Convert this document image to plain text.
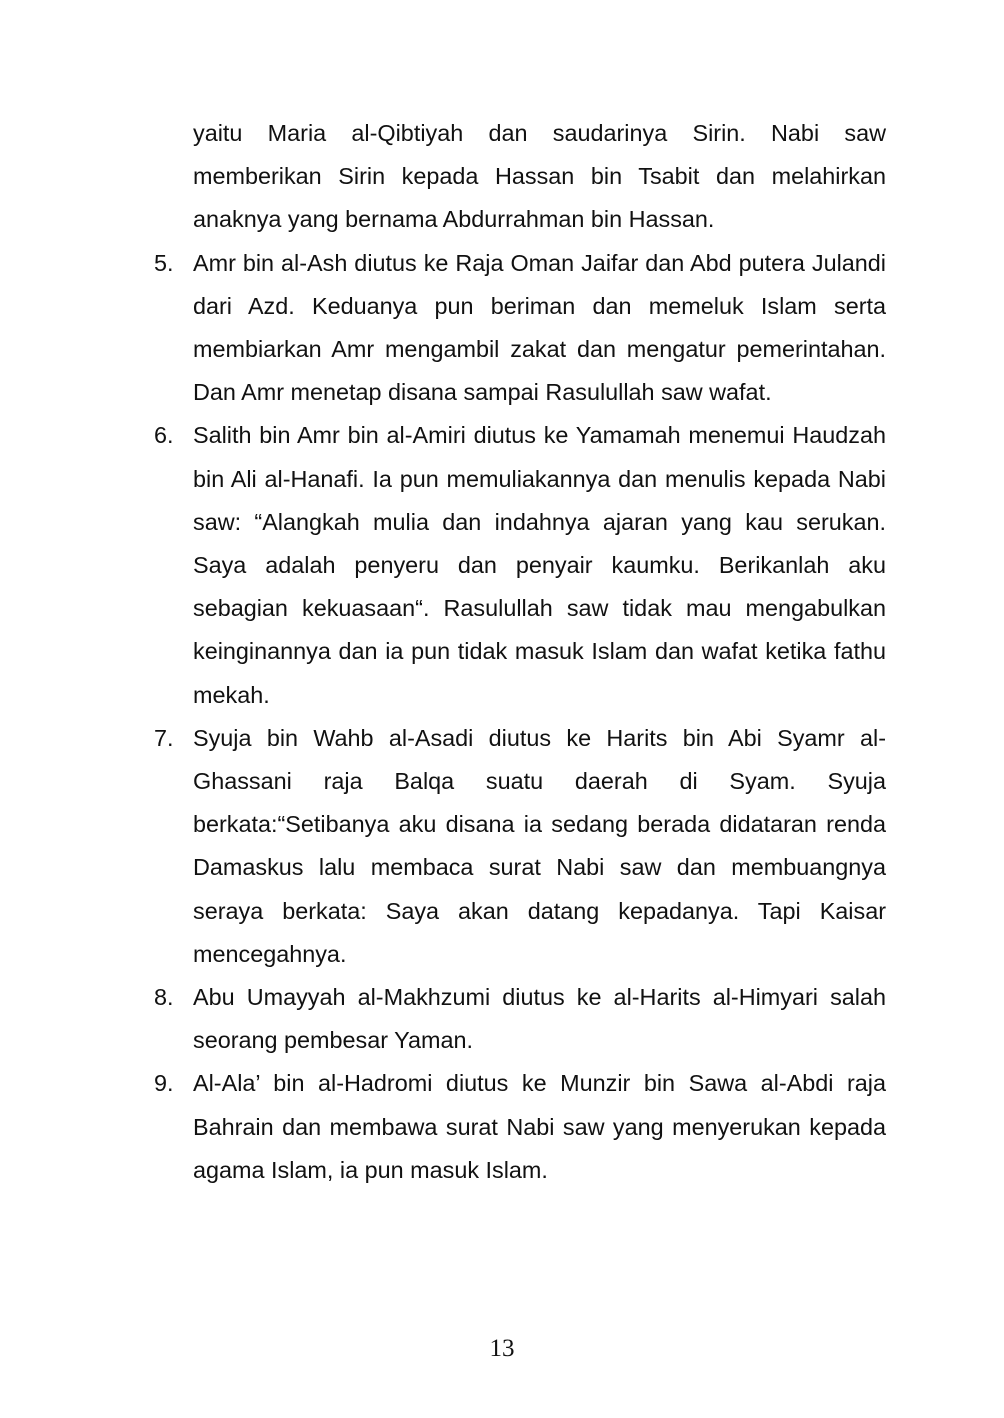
yaitu Maria al-Qibtiyah dan saudarinya Sirin. Nabi saw memberikan Sirin kepada Hassan bin Tsabit dan melahirkan anaknya yang bernama Abdurrahman bin Hassan.

5. Amr bin al-Ash diutus ke Raja Oman Jaifar dan Abd putera Julandi dari Azd. Keduanya pun beriman dan memeluk Islam serta membiarkan Amr mengambil zakat dan mengatur pemerintahan. Dan Amr menetap disana sampai Rasulullah saw wafat.
6. Salith bin Amr bin al-Amiri diutus ke Yamamah menemui Haudzah bin Ali al-Hanafi. Ia pun memuliakannya dan menulis kepada Nabi saw: “Alangkah mulia dan indahnya ajaran yang kau serukan. Saya adalah penyeru dan penyair kaumku. Berikanlah aku sebagian kekuasaan“. Rasulullah saw tidak mau mengabulkan keinginannya dan ia pun tidak masuk Islam dan wafat ketika fathu mekah.
7. Syuja bin Wahb al-Asadi diutus ke Harits bin Abi Syamr al-Ghassani raja Balqa suatu daerah di Syam. Syuja berkata:“Setibanya aku disana ia sedang berada didataran renda Damaskus lalu membaca surat Nabi saw dan membuangnya seraya berkata: Saya akan datang kepadanya. Tapi Kaisar mencegahnya.
8. Abu Umayyah al-Makhzumi diutus ke al-Harits al-Himyari salah seorang pembesar Yaman.
9. Al-Ala’ bin al-Hadromi diutus ke Munzir bin Sawa al-Abdi raja Bahrain dan membawa surat Nabi saw yang menyerukan kepada agama Islam, ia pun masuk Islam.
13
